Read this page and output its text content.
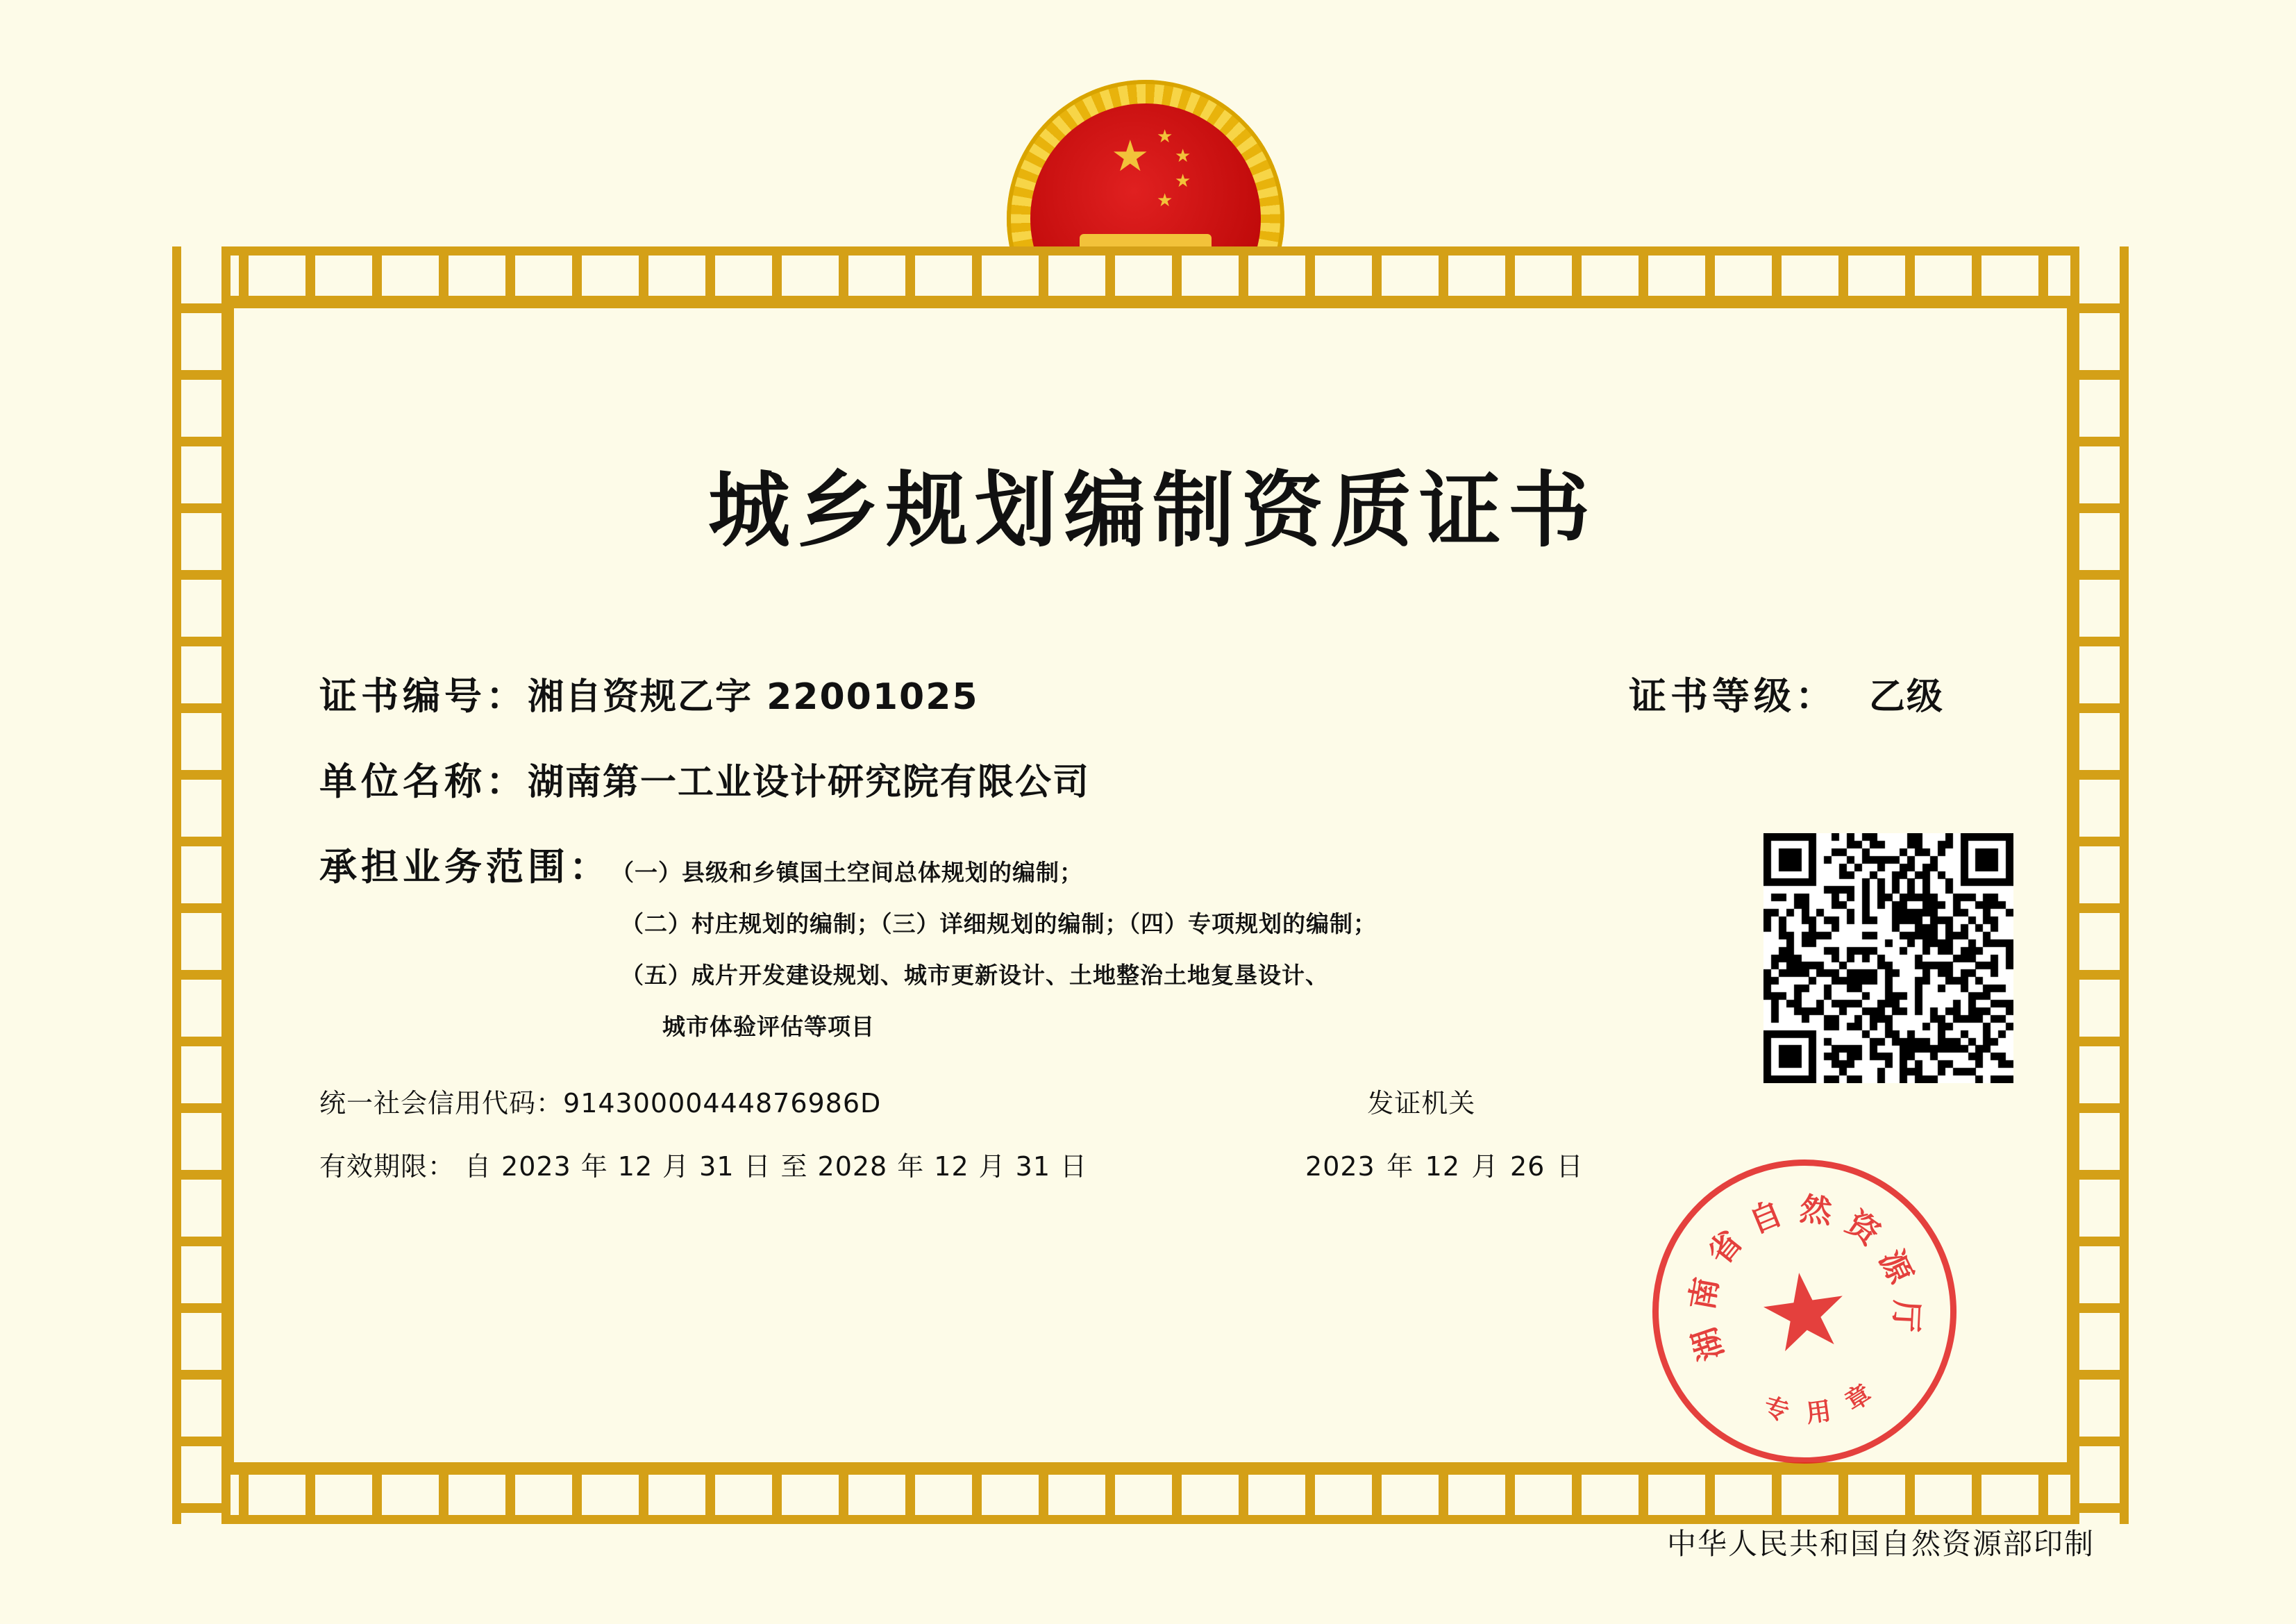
★ ★
★
★
★
城乡规划编制资质证书
证书编号 ： 湘自资规乙字 22001025	证书等级： 乙级
单位名称 ： 湖南第一工业设计研究院有限公司
承担业务范围 ： （一）县级和乡镇国土空间总体规划的编制；
（二）村庄规划的编制；（三）详细规划的编制；（四）专项规划的编制；
（五）成片开发建设规划、城市更新设计、土地整治土地复垦设计、
城市体验评估等项目
统一社会信用代码： 91430000444876986D	发证机关
有效期限： 自 2023 年 12 月 31 日 至 2028 年 12 月 31 日	2023 年 12 月 26 日
湖
南
省
自 然 资
源
厅
专 用 章
★
中华人民共和国自然资源部印制
